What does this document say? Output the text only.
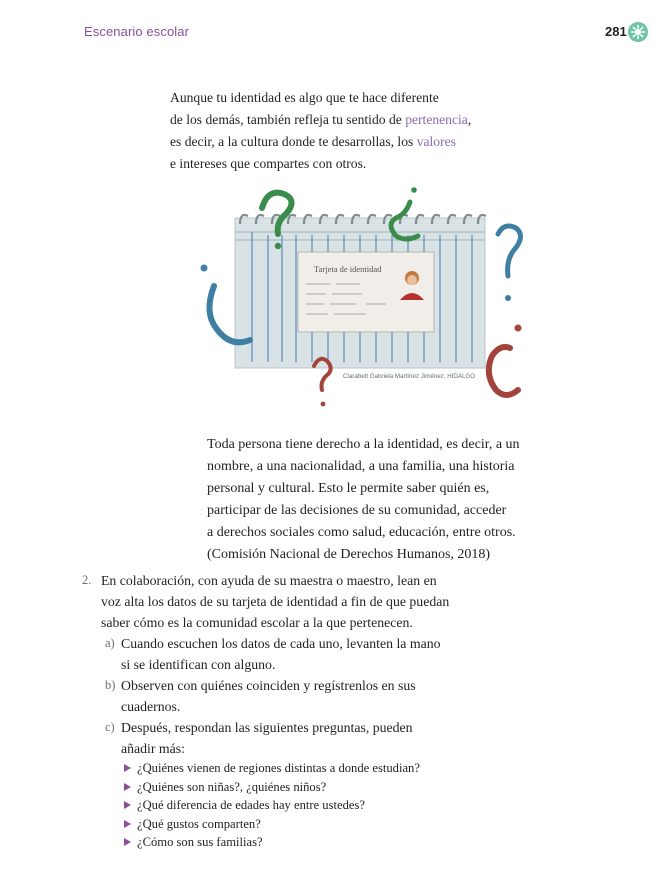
Escenario escolar	281
Aunque tu identidad es algo que te hace diferente
de los demás, también refleja tu sentido de pertenencia,
es decir, a la cultura donde te desarrollas, los valores
e intereses que compartes con otros.
Tarjeta de identidad
Clarabett Gabriela Martínez Jiménez, HIDALGO
Toda persona tiene derecho a la identidad, es decir, a un
nombre, a una nacionalidad, a una familia, una historia
personal y cultural. Esto le permite saber quién es,
participar de las decisiones de su comunidad, acceder
a derechos sociales como salud, educación, entre otros.
(Comisión Nacional de Derechos Humanos, 2018)
2. En colaboración, con ayuda de su maestra o maestro, lean en
voz alta los datos de su tarjeta de identidad a fin de que puedan
saber cómo es la comunidad escolar a la que pertenecen.
a) Cuando escuchen los datos de cada uno, levanten la mano
si se identifican con alguno.
b) Observen con quiénes coinciden y regístrenlos en sus
cuadernos.
c) Después, respondan las siguientes preguntas, pueden
añadir más:
¿Quiénes vienen de regiones distintas a donde estudian?
¿Quiénes son niñas?, ¿quiénes niños?
¿Qué diferencia de edades hay entre ustedes?
¿Qué gustos comparten?
¿Cómo son sus familias?
